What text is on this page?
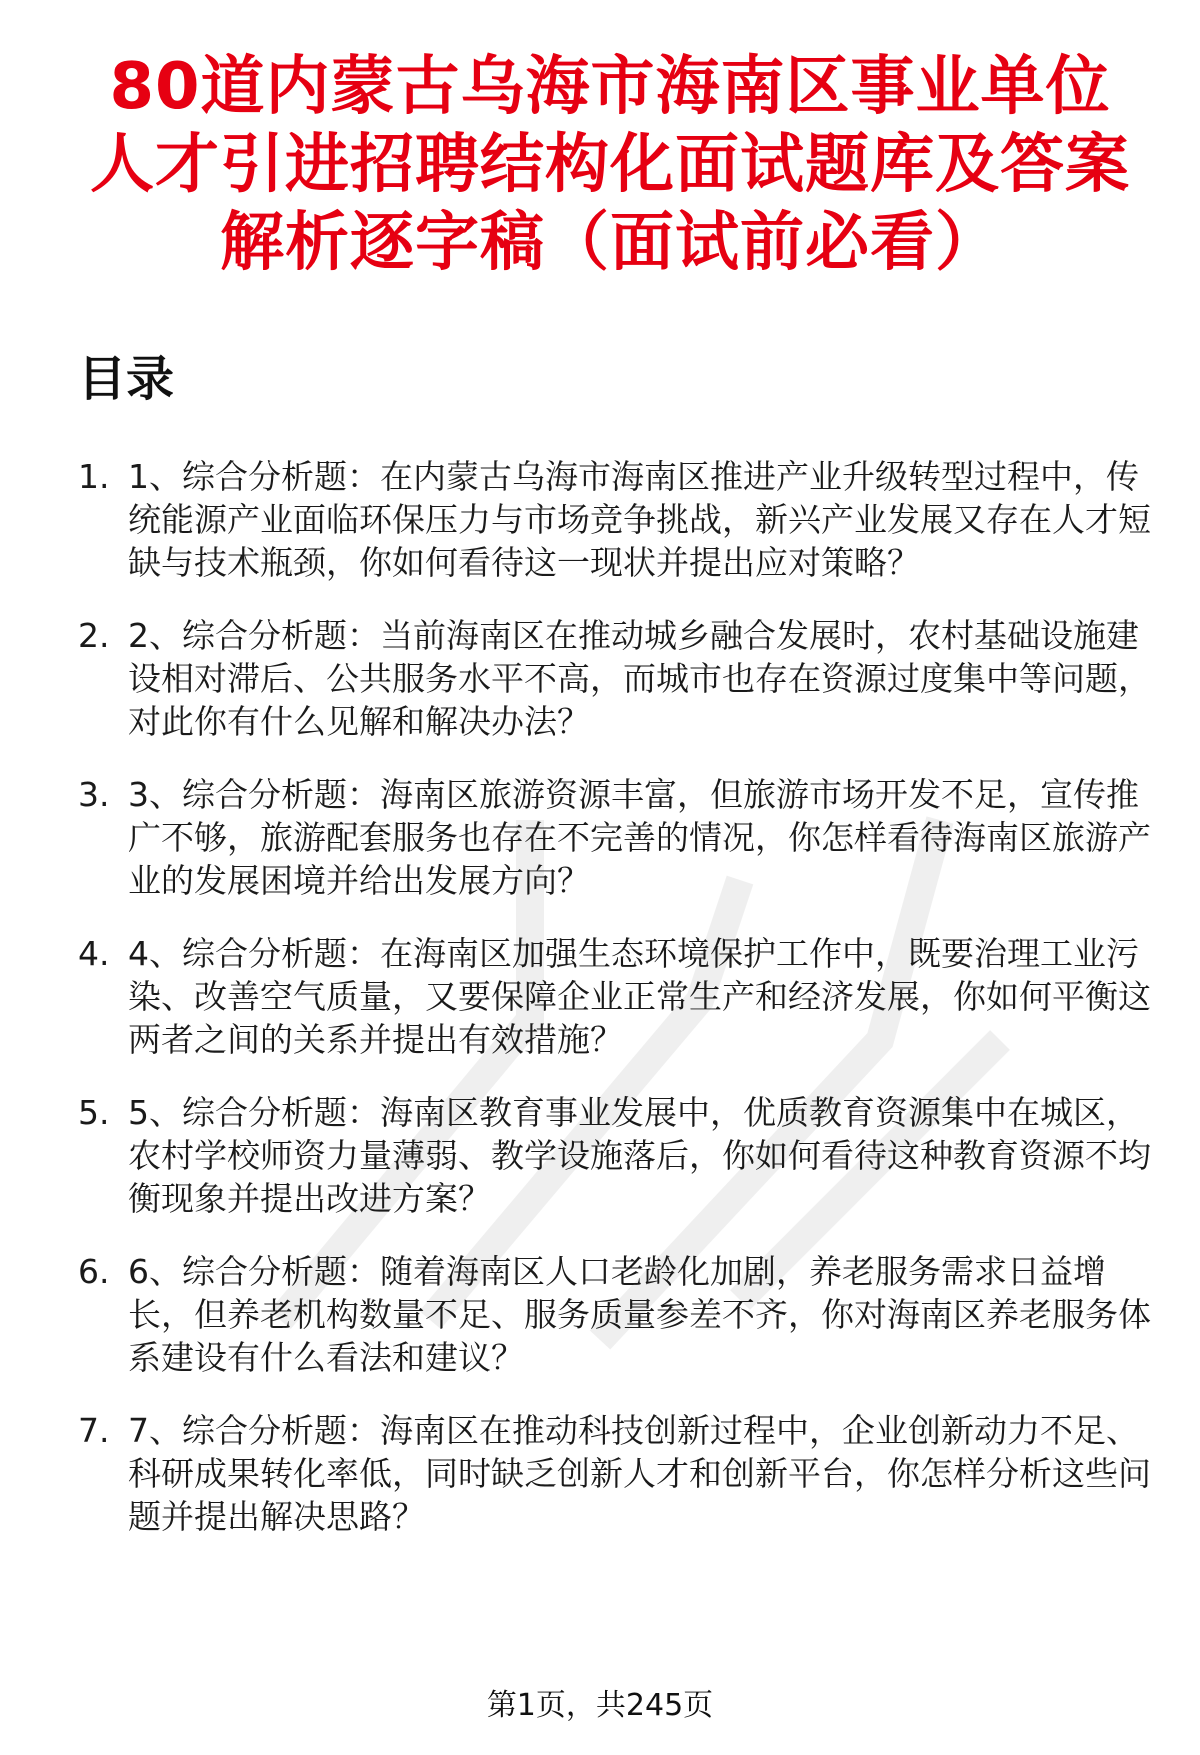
80道内蒙古乌海市海南区事业单位人才引进招聘结构化面试题库及答案解析逐字稿（面试前必看）
目录
1. 1、综合分析题：在内蒙古乌海市海南区推进产业升级转型过程中，传统能源产业面临环保压力与市场竞争挑战，新兴产业发展又存在人才短缺与技术瓶颈，你如何看待这一现状并提出应对策略？
2. 2、综合分析题：当前海南区在推动城乡融合发展时，农村基础设施建设相对滞后、公共服务水平不高，而城市也存在资源过度集中等问题，对此你有什么见解和解决办法？
3. 3、综合分析题：海南区旅游资源丰富，但旅游市场开发不足，宣传推广不够，旅游配套服务也存在不完善的情况，你怎样看待海南区旅游产业的发展困境并给出发展方向？
4. 4、综合分析题：在海南区加强生态环境保护工作中，既要治理工业污染、改善空气质量，又要保障企业正常生产和经济发展，你如何平衡这两者之间的关系并提出有效措施？
5. 5、综合分析题：海南区教育事业发展中，优质教育资源集中在城区，农村学校师资力量薄弱、教学设施落后，你如何看待这种教育资源不均衡现象并提出改进方案？
6. 6、综合分析题：随着海南区人口老龄化加剧，养老服务需求日益增长，但养老机构数量不足、服务质量参差不齐，你对海南区养老服务体系建设有什么看法和建议？
7. 7、综合分析题：海南区在推动科技创新过程中，企业创新动力不足、科研成果转化率低，同时缺乏创新人才和创新平台，你怎样分析这些问题并提出解决思路？
第1页，共245页
